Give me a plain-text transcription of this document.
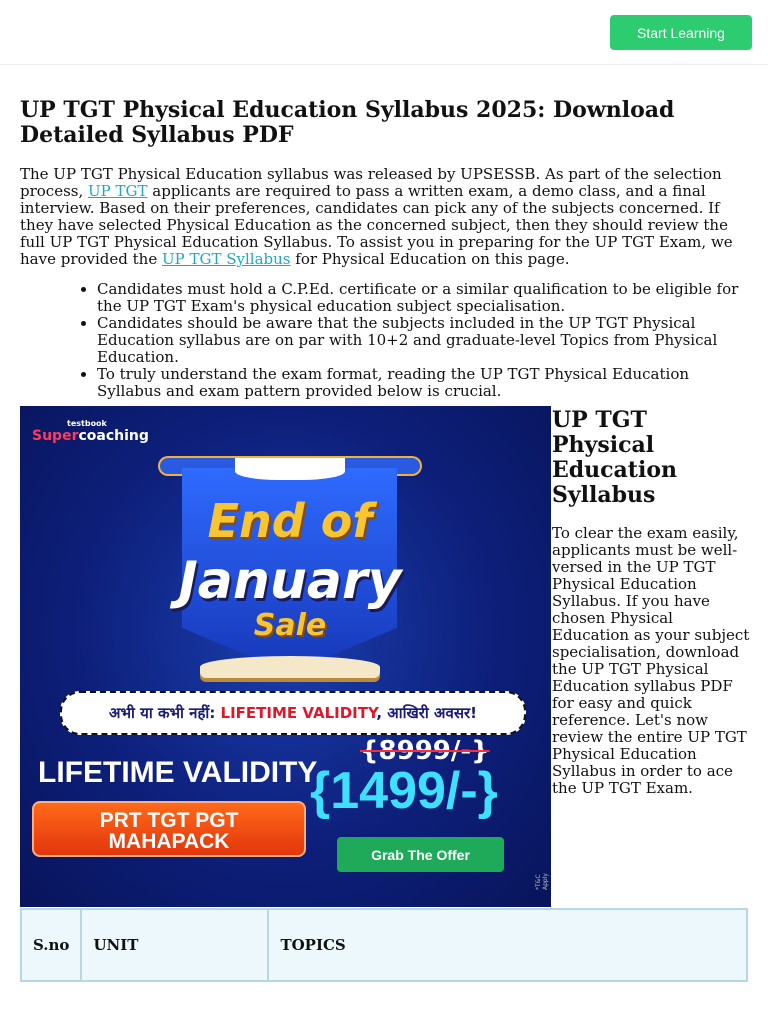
Start Learning
UP TGT Physical Education Syllabus 2025: Download Detailed Syllabus PDF

The UP TGT Physical Education syllabus was released by UPSESSB. As part of the selection process, UP TGT applicants are required to pass a written exam, a demo class, and a final interview. Based on their preferences, candidates can pick any of the subjects concerned. If they have selected Physical Education as the concerned subject, then they should review the full UP TGT Physical Education Syllabus. To assist you in preparing for the UP TGT Exam, we have provided the UP TGT Syllabus for Physical Education on this page.

• Candidates must hold a C.P.Ed. certificate or a similar qualification to be eligible for the UP TGT Exam's physical education subject specialisation.
• Candidates should be aware that the subjects included in the UP TGT Physical Education syllabus are on par with 10+2 and graduate-level Topics from Physical Education.
• To truly understand the exam format, reading the UP TGT Physical Education Syllabus and exam pattern provided below is crucial.
testbook
Supercoaching
End of
January
Sale
अभी या कभी नहीं: LIFETIME VALIDITY, आखिरी अवसर!
{8999/-}
LIFETIME VALIDITY
{1499/-}
PRT TGT PGT
MAHAPACK
Grab The Offer
*T&C Apply
UP TGT Physical Education Syllabus

To clear the exam easily, applicants must be well-versed in the UP TGT Physical Education Syllabus. If you have chosen Physical Education as your subject specialisation, download the UP TGT Physical Education syllabus PDF for easy and quick reference. Let's now review the entire UP TGT Physical Education Syllabus in order to ace the UP TGT Exam.

S.no	UNIT	TOPICS
